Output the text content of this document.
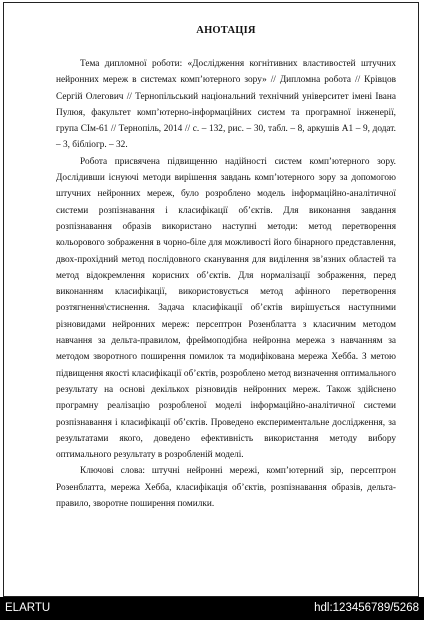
АНОТАЦІЯ

Тема дипломної роботи: «Дослідження когнітивних властивостей штучних нейронних мереж в системах комп’ютерного зору» // Дипломна робота // Крівцов Сергій Олегович // Тернопільський національний технічний університет імені Івана Пулюя, факультет комп’ютерно-інформаційних систем та програмної інженерії, група СІм-61 // Тернопіль, 2014 // с. – 132, рис. – 30, табл. – 8, аркушів А1 – 9, додат. – 3, бібліогр. – 32.

Робота присвячена підвищенню надійності систем комп’ютерного зору. Дослідивши існуючі методи вирішення завдань комп’ютерного зору за допомогою штучних нейронних мереж, було розроблено модель інформаційно-аналітичної системи розпізнавання і класифікації об’єктів. Для виконання завдання розпізнавання образів використано наступні методи: метод перетворення кольорового зображення в чорно-біле для можливості його бінарного представлення, двох-прохідний метод послідовного сканування для виділення зв’язних областей та метод відокремлення корисних об’єктів. Для нормалізації зображення, перед виконанням класифікації, використовується метод афінного перетворення розтягнення\стиснення. Задача класифікації об’єктів вирішується наступними різновидами нейронних мереж: персептрон Розенблатта з класичним методом навчання за дельта-правилом, фреймоподібна нейронна мережа з навчанням за методом зворотного поширення помилок та модифікована мережа Хебба. З метою підвищення якості класифікації об’єктів, розроблено метод визначення оптимального результату на основі декількох різновидів нейронних мереж. Також здійснено програмну реалізацію розробленої моделі інформаційно-аналітичної системи розпізнавання і класифікації об’єктів. Проведено експериментальне дослідження, за результатами якого, доведено ефективність використання методу вибору оптимального результату в розробленій моделі.

Ключові слова: штучні нейронні мережі, комп’ютерний зір, персептрон Розенблатта, мережа Хебба, класифікація об’єктів, розпізнавання образів, дельта-правило, зворотне поширення помилки.

ELARTU	hdl:123456789/5268
